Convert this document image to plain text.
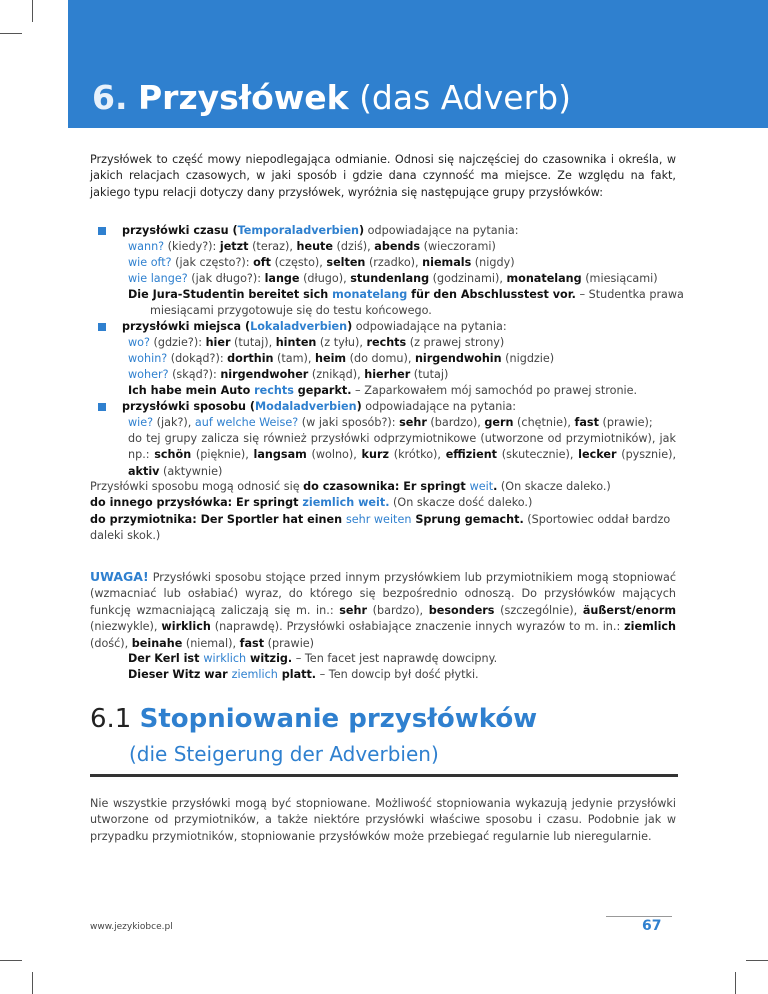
6. Przysłówek (das Adverb)
Przysłówek to część mowy niepodlegająca odmianie. Odnosi się najczęściej do czasownika i określa, w jakich relacjach czasowych, w jaki sposób i gdzie dana czynność ma miejsce. Ze względu na fakt, jakiego typu relacji dotyczy dany przysłówek, wyróżnia się następujące grupy przysłówków:
przysłówki czasu (Temporaladverbien) odpowiadające na pytania:
wann? (kiedy?): jetzt (teraz), heute (dziś), abends (wieczorami)
wie oft? (jak często?): oft (często), selten (rzadko), niemals (nigdy)
wie lange? (jak długo?): lange (długo), stundenlang (godzinami), monatelang (miesiącami)
Die Jura-Studentin bereitet sich monatelang für den Abschlusstest vor. – Studentka prawa
miesiącami przygotowuje się do testu końcowego.
przysłówki miejsca (Lokaladverbien) odpowiadające na pytania:
wo? (gdzie?): hier (tutaj), hinten (z tyłu), rechts (z prawej strony)
wohin? (dokąd?): dorthin (tam), heim (do domu), nirgendwohin (nigdzie)
woher? (skąd?): nirgendwoher (znikąd), hierher (tutaj)
Ich habe mein Auto rechts geparkt. – Zaparkowałem mój samochód po prawej stronie.
przysłówki sposobu (Modaladverbien) odpowiadające na pytania:
wie? (jak?), auf welche Weise? (w jaki sposób?): sehr (bardzo), gern (chętnie), fast (prawie);
do tej grupy zalicza się również przysłówki odprzymiotnikowe (utworzone od przymiotników), jak np.: schön (pięknie), langsam (wolno), kurz (krótko), effizient (skutecznie), lecker (pysznie), aktiv (aktywnie)
Przysłówki sposobu mogą odnosić się do czasownika: Er springt weit. (On skacze daleko.)
do innego przysłówka: Er springt ziemlich weit. (On skacze dość daleko.)
do przymiotnika: Der Sportler hat einen sehr weiten Sprung gemacht. (Sportowiec oddał bardzo daleki skok.)
UWAGA! Przysłówki sposobu stojące przed innym przysłówkiem lub przymiotnikiem mogą stopniować (wzmacniać lub osłabiać) wyraz, do którego się bezpośrednio odnoszą. Do przysłówków mających funkcję wzmacniającą zaliczają się m. in.: sehr (bardzo), besonders (szczególnie), äußerst/enorm (niezwykle), wirklich (naprawdę). Przysłówki osłabiające znaczenie innych wyrazów to m. in.: ziemlich (dość), beinahe (niemal), fast (prawie)
Der Kerl ist wirklich witzig. – Ten facet jest naprawdę dowcipny.
Dieser Witz war ziemlich platt. – Ten dowcip był dość płytki.
6.1 Stopniowanie przysłówków
(die Steigerung der Adverbien)
Nie wszystkie przysłówki mogą być stopniowane. Możliwość stopniowania wykazują jedynie przysłówki utworzone od przymiotników, a także niektóre przysłówki właściwe sposobu i czasu. Podobnie jak w przypadku przymiotników, stopniowanie przysłówków może przebiegać regularnie lub nieregularnie.
www.jezykiobce.pl	67
